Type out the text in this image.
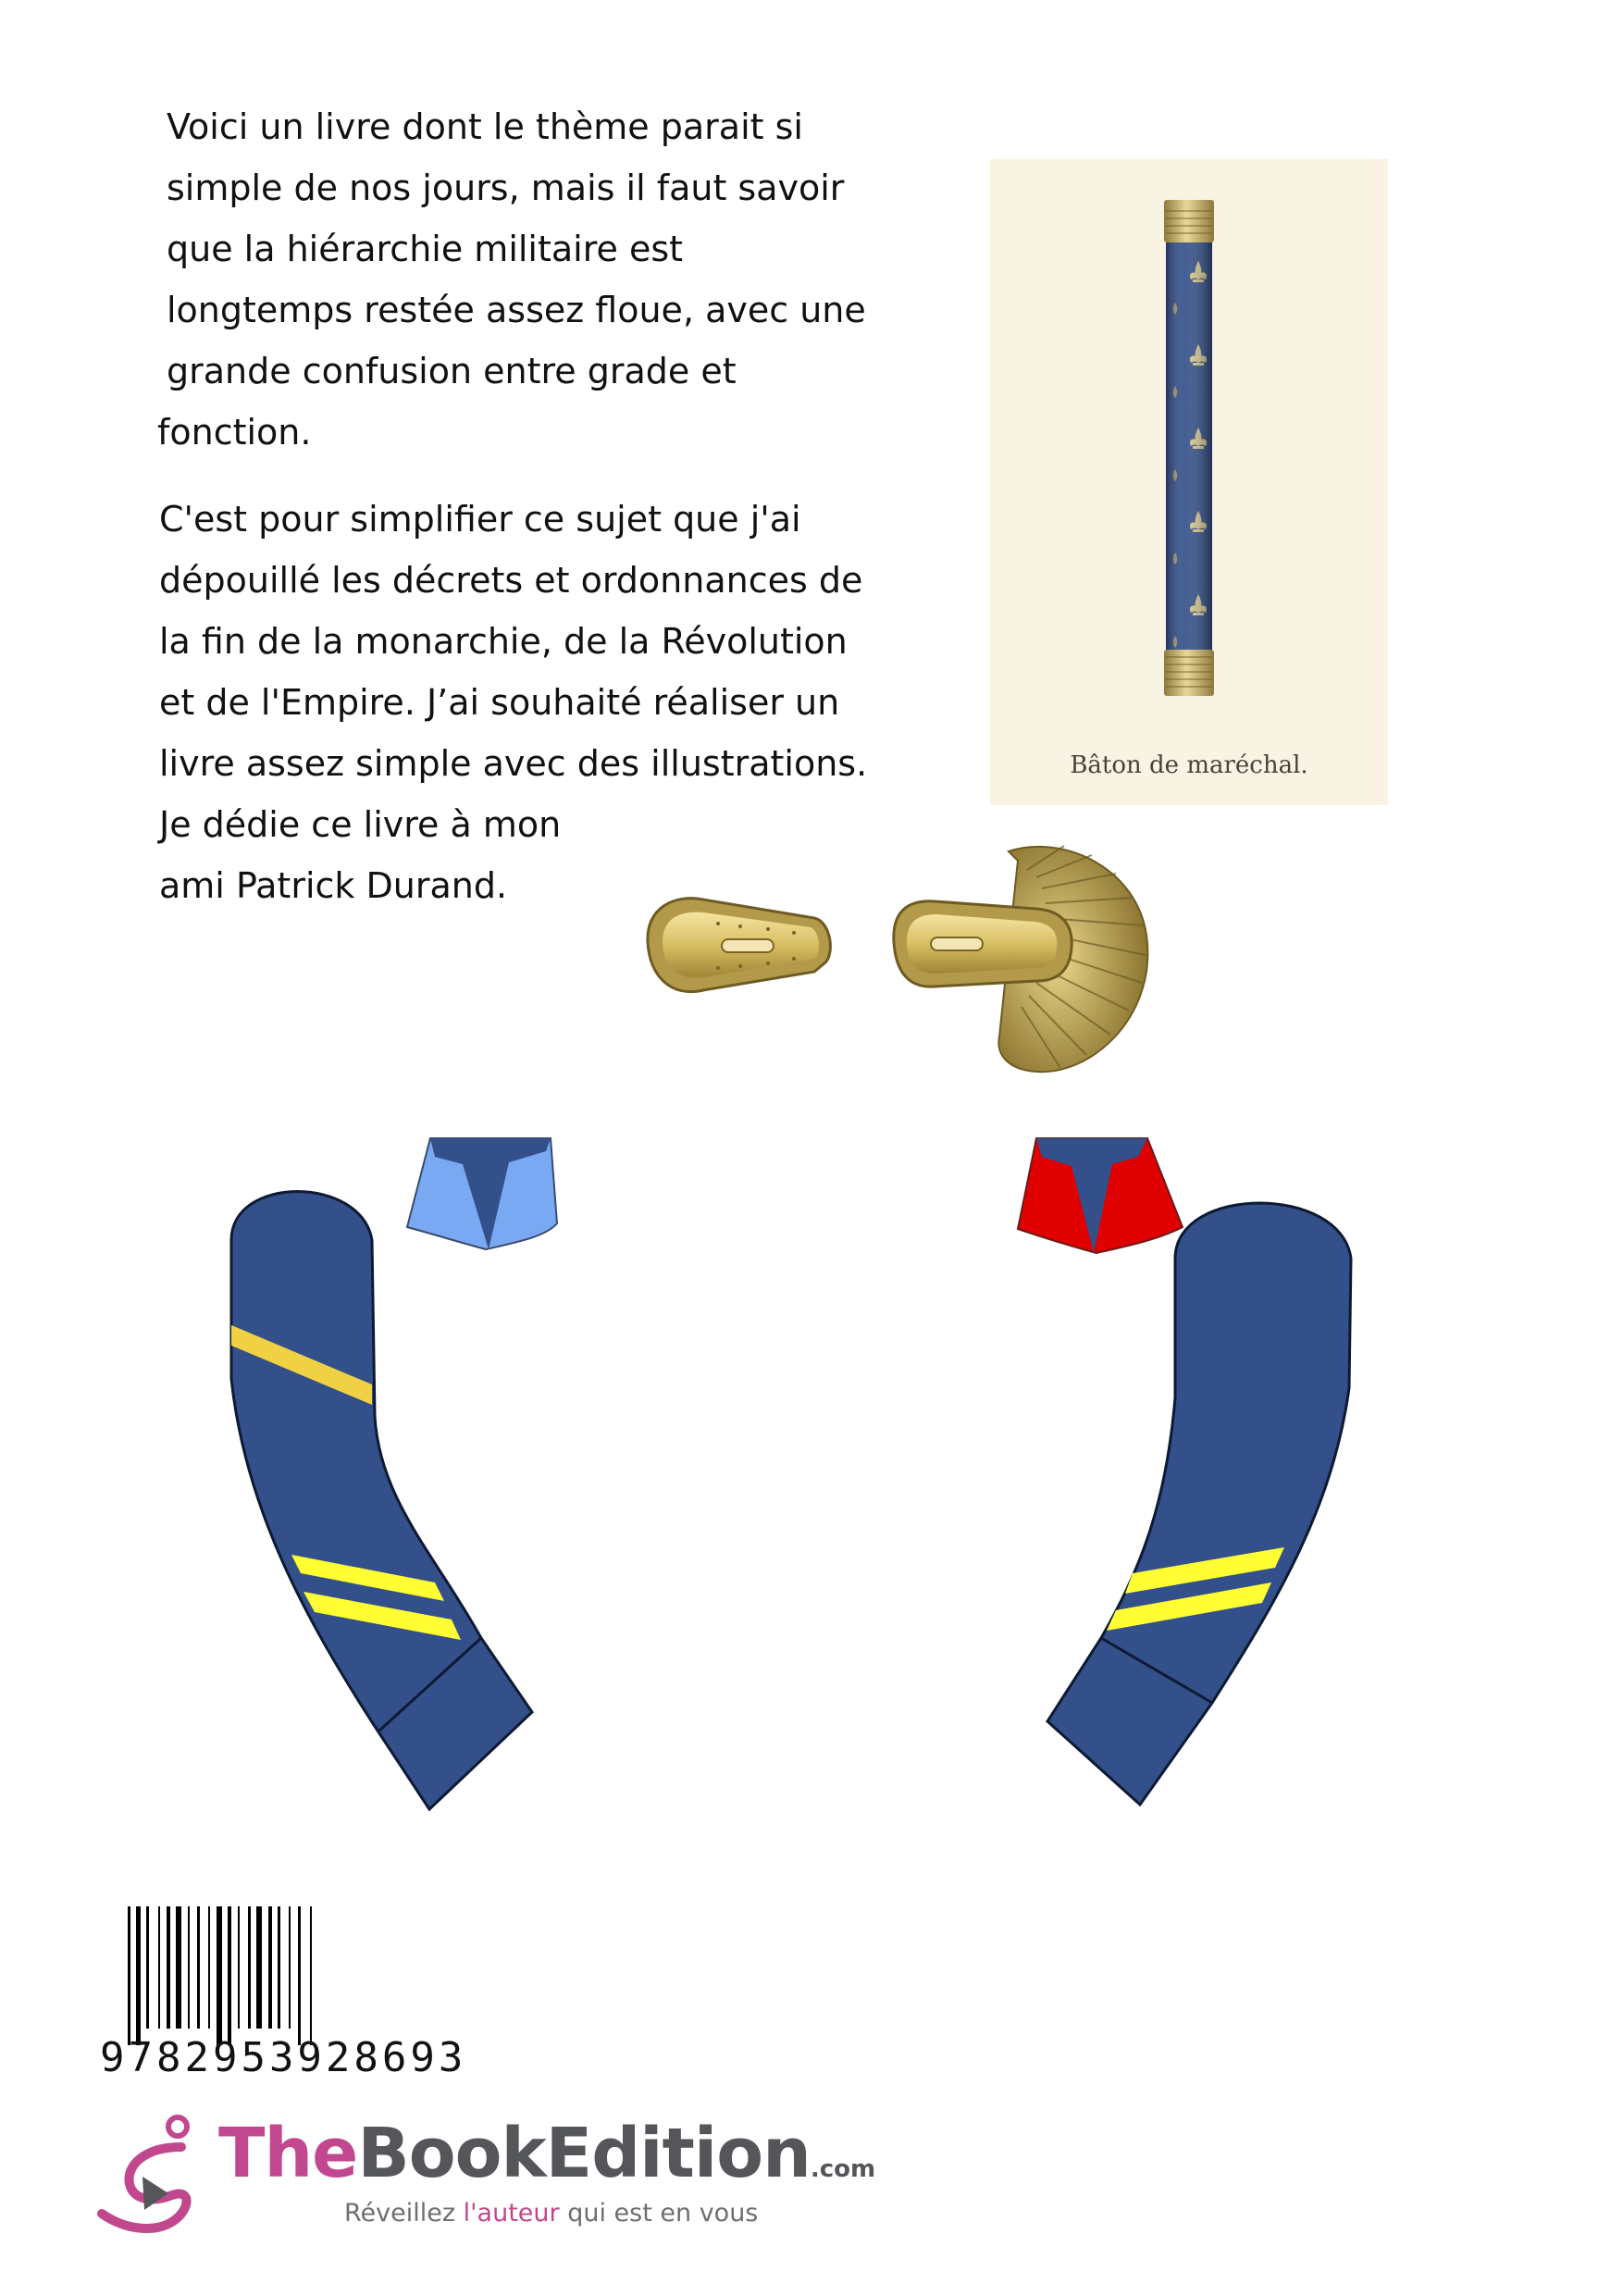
Voici un livre dont le thème parait si
simple de nos jours, mais il faut savoir
que la hiérarchie militaire est
longtemps restée assez floue, avec une
grande confusion entre grade et
fonction.
C'est pour simplifier ce sujet que j'ai
dépouillé les décrets et ordonnances de
la fin de la monarchie, de la Révolution
et de l'Empire. J’ai souhaité réaliser un
livre assez simple avec des illustrations.
Je dédie ce livre à mon
ami Patrick Durand.
Bâton de maréchal.
9782953928693
TheBookEdition.com
Réveillez l'auteur qui est en vous
